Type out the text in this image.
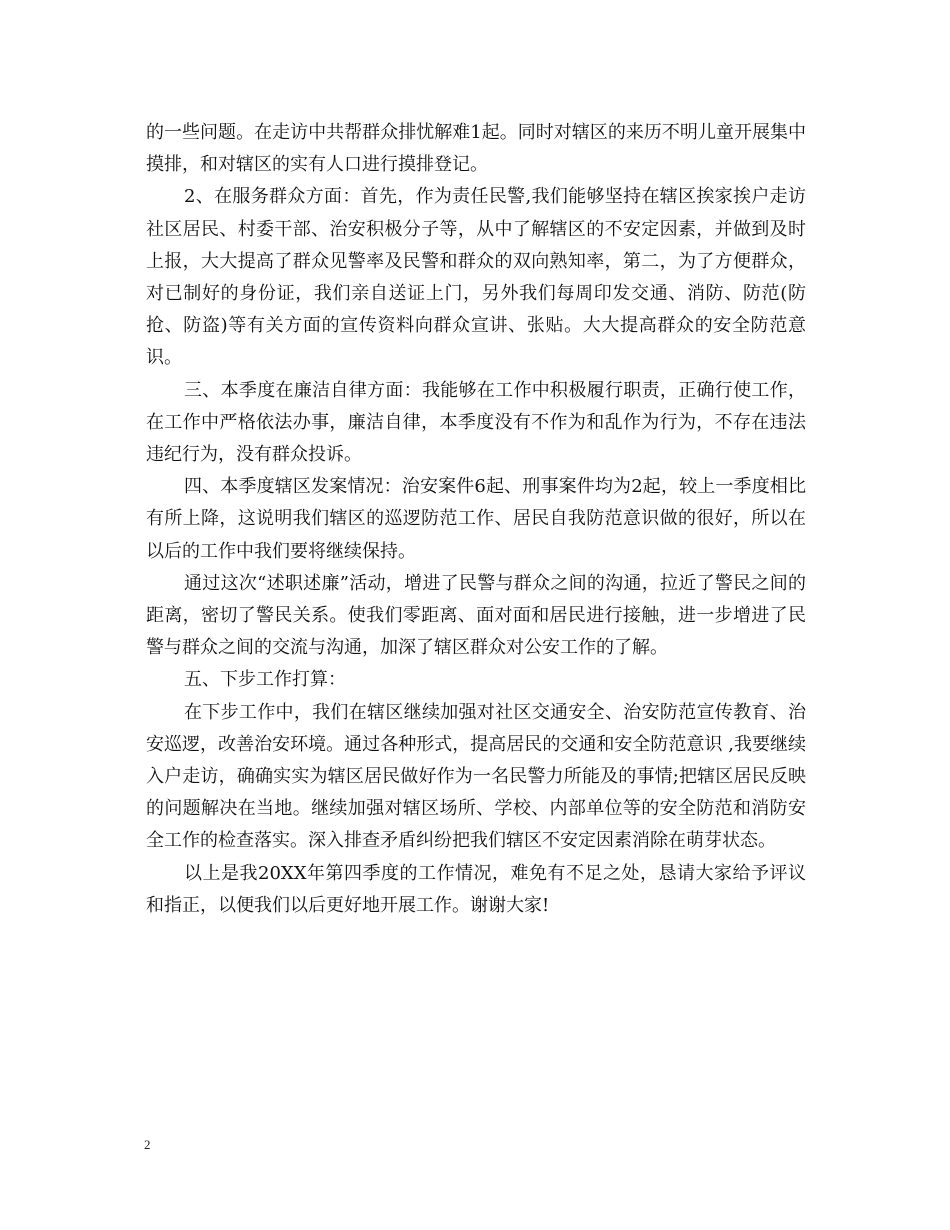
的一些问题。在走访中共帮群众排忧解难1起。同时对辖区的来历不明儿童开展集中摸排，和对辖区的实有人口进行摸排登记。

2、在服务群众方面：首先，作为责任民警,我们能够坚持在辖区挨家挨户走访社区居民、村委干部、治安积极分子等，从中了解辖区的不安定因素，并做到及时上报，大大提高了群众见警率及民警和群众的双向熟知率，第二，为了方便群众，对已制好的身份证，我们亲自送证上门，另外我们每周印发交通、消防、防范(防抢、防盗)等有关方面的宣传资料向群众宣讲、张贴。大大提高群众的安全防范意识。

三、本季度在廉洁自律方面：我能够在工作中积极履行职责，正确行使工作，在工作中严格依法办事，廉洁自律，本季度没有不作为和乱作为行为，不存在违法违纪行为，没有群众投诉。

四、本季度辖区发案情况：治安案件6起、刑事案件均为2起，较上一季度相比有所上降，这说明我们辖区的巡逻防范工作、居民自我防范意识做的很好，所以在以后的工作中我们要将继续保持。

通过这次“述职述廉”活动，增进了民警与群众之间的沟通，拉近了警民之间的距离，密切了警民关系。使我们零距离、面对面和居民进行接触，进一步增进了民警与群众之间的交流与沟通，加深了辖区群众对公安工作的了解。

五、下步工作打算：

在下步工作中，我们在辖区继续加强对社区交通安全、治安防范宣传教育、治安巡逻，改善治安环境。通过各种形式，提高居民的交通和安全防范意识 ,我要继续入户走访，确确实实为辖区居民做好作为一名民警力所能及的事情;把辖区居民反映的问题解决在当地。继续加强对辖区场所、学校、内部单位等的安全防范和消防安全工作的检查落实。深入排查矛盾纠纷把我们辖区不安定因素消除在萌芽状态。

以上是我20XX年第四季度的工作情况，难免有不足之处，恳请大家给予评议和指正，以便我们以后更好地开展工作。谢谢大家!

2
